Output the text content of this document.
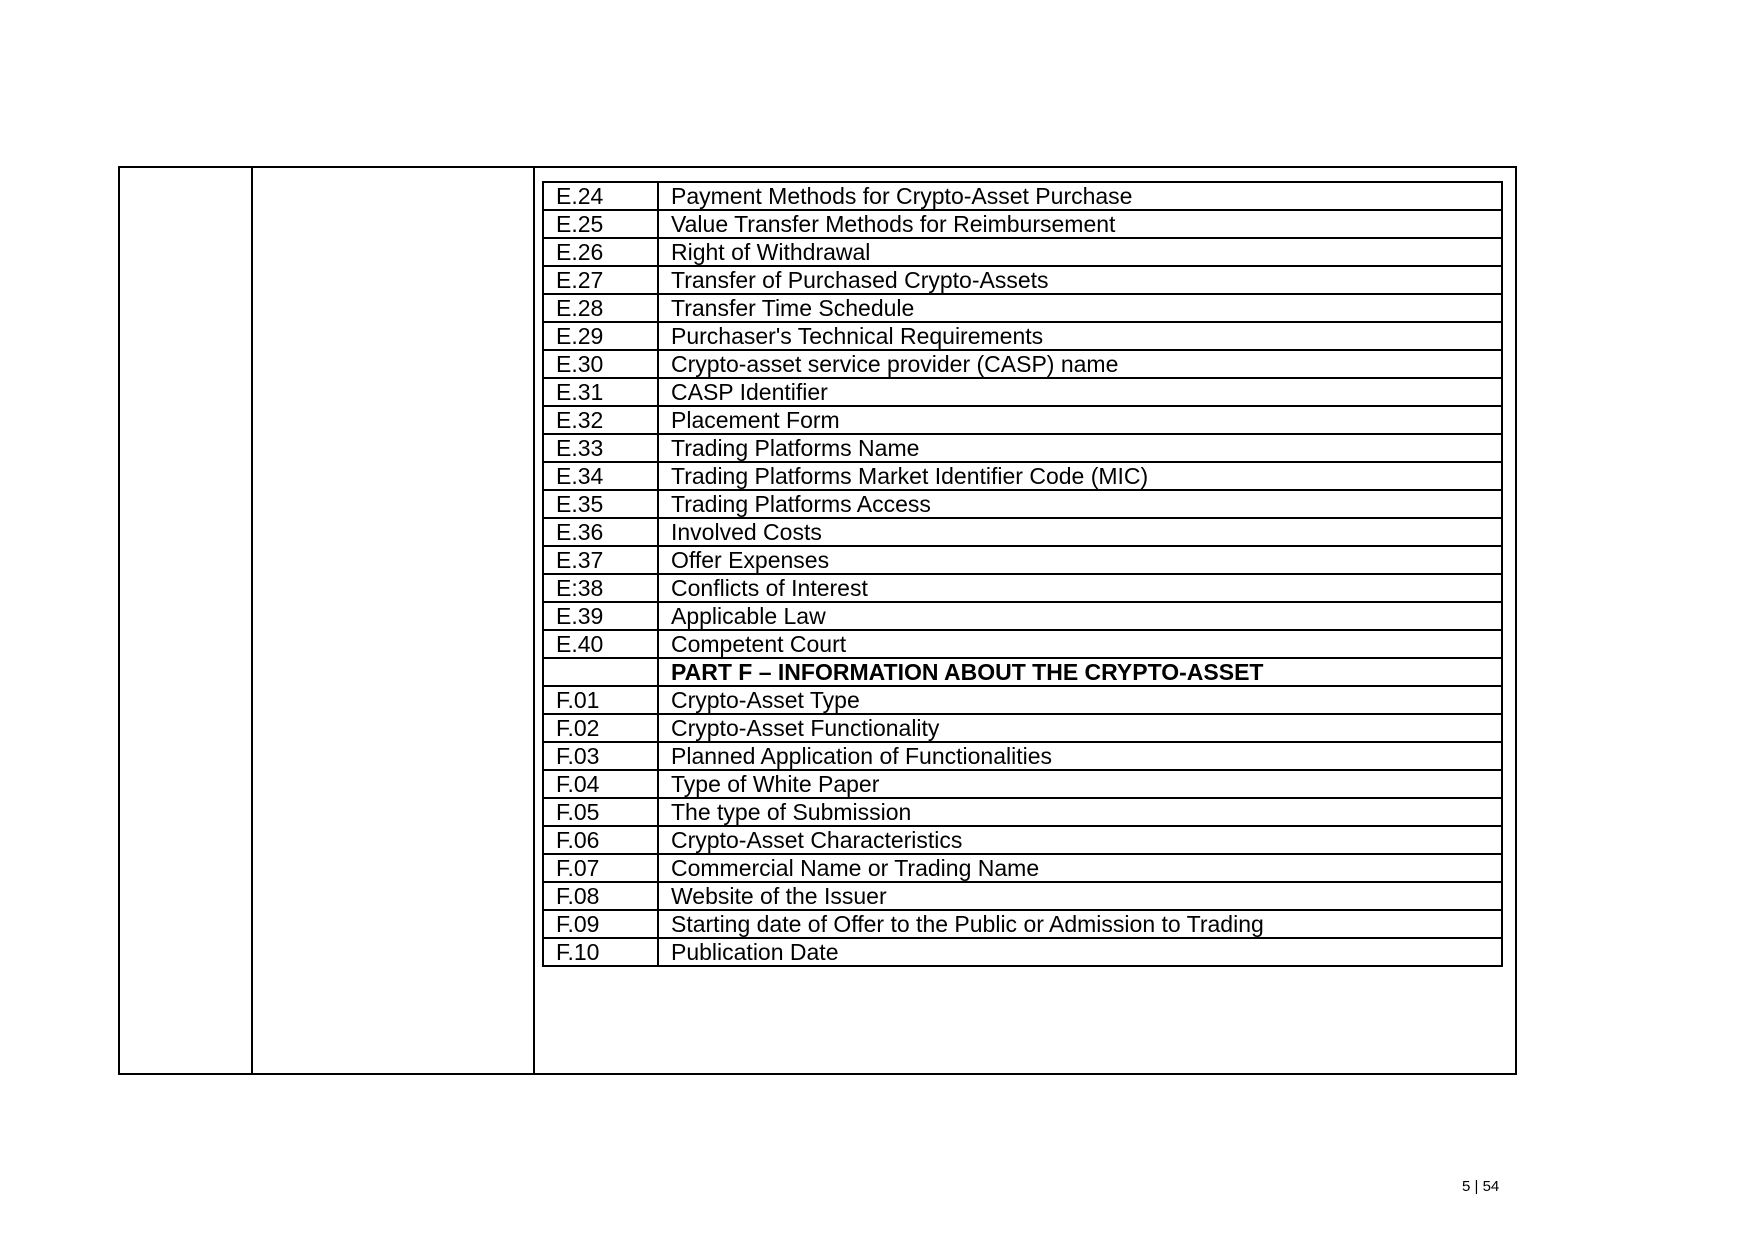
E.24	Payment Methods for Crypto-Asset Purchase
E.25	Value Transfer Methods for Reimbursement
E.26	Right of Withdrawal
E.27	Transfer of Purchased Crypto-Assets
E.28	Transfer Time Schedule
E.29	Purchaser's Technical Requirements
E.30	Crypto-asset service provider (CASP) name
E.31	CASP Identifier
E.32	Placement Form
E.33	Trading Platforms Name
E.34	Trading Platforms Market Identifier Code (MIC)
E.35	Trading Platforms Access
E.36	Involved Costs
E.37	Offer Expenses
E:38	Conflicts of Interest
E.39	Applicable Law
E.40	Competent Court
	PART F – INFORMATION ABOUT THE CRYPTO-ASSET
F.01	Crypto-Asset Type
F.02	Crypto-Asset Functionality
F.03	Planned Application of Functionalities
F.04	Type of White Paper
F.05	The type of Submission
F.06	Crypto-Asset Characteristics
F.07	Commercial Name or Trading Name
F.08	Website of the Issuer
F.09	Starting date of Offer to the Public or Admission to Trading
F.10	Publication Date
5 | 54
